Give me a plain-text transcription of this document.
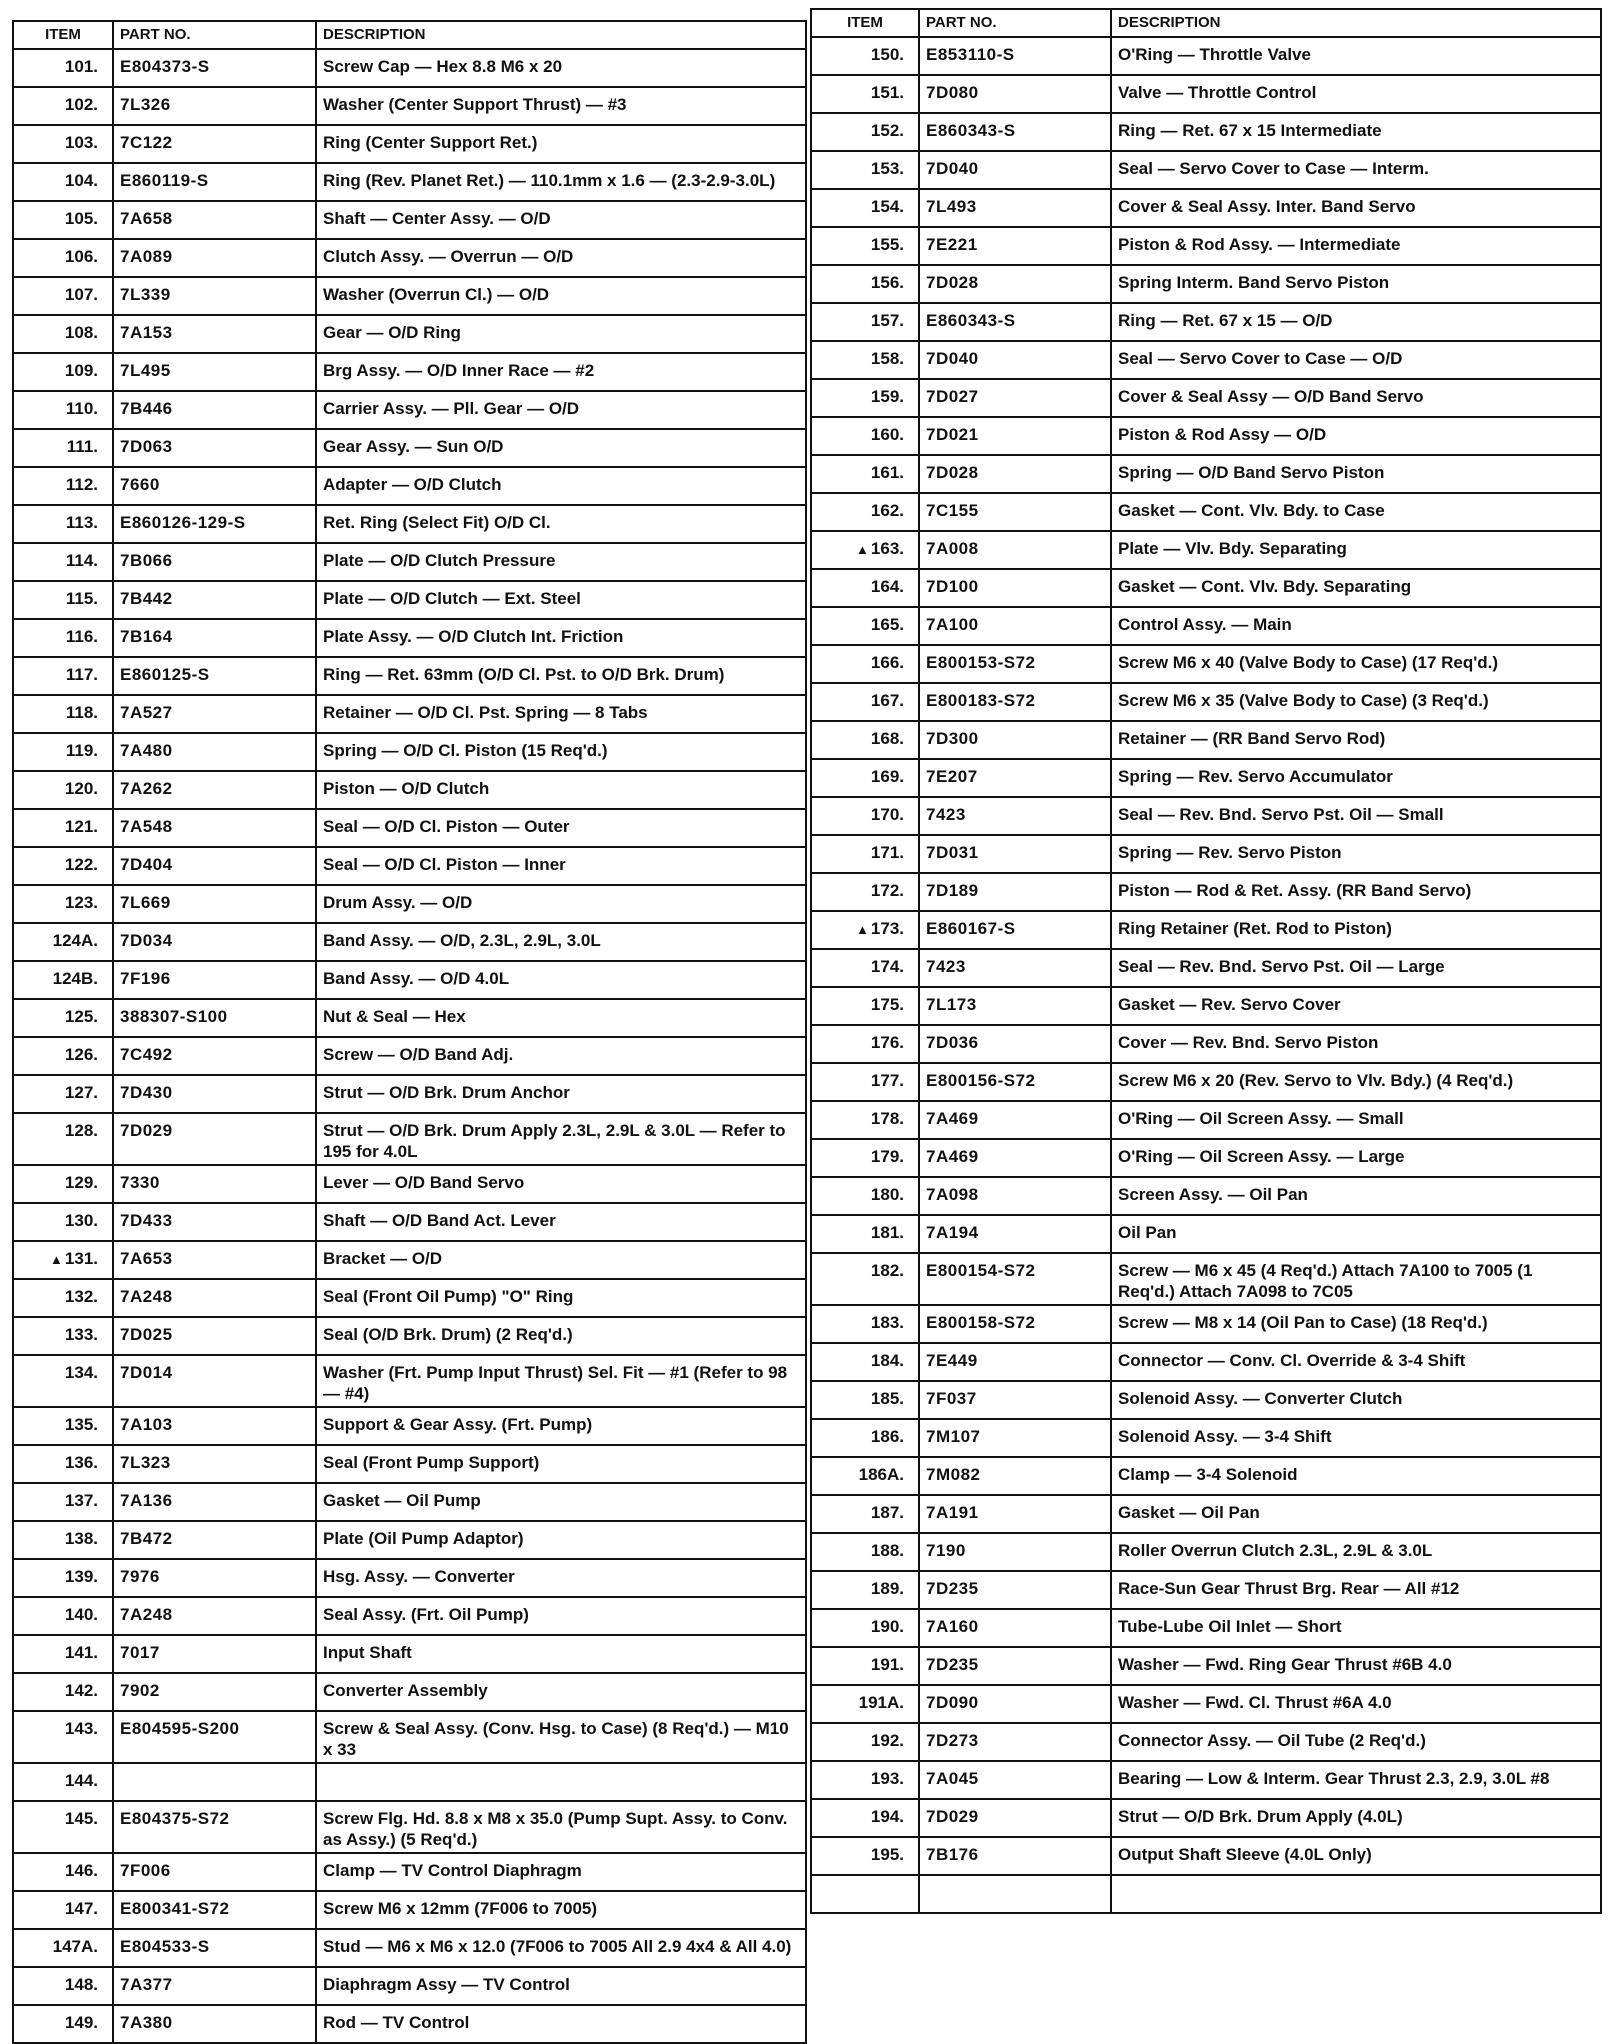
ITEM	PART NO.	DESCRIPTION
101.	E804373-S	Screw Cap — Hex 8.8 M6 x 20
102.	7L326	Washer (Center Support Thrust) — #3
103.	7C122	Ring (Center Support Ret.)
104.	E860119-S	Ring (Rev. Planet Ret.) — 110.1mm x 1.6 — (2.3-2.9-3.0L)
105.	7A658	Shaft — Center Assy. — O/D
106.	7A089	Clutch Assy. — Overrun — O/D
107.	7L339	Washer (Overrun Cl.) — O/D
108.	7A153	Gear — O/D Ring
109.	7L495	Brg Assy. — O/D Inner Race — #2
110.	7B446	Carrier Assy. — Pll. Gear — O/D
111.	7D063	Gear Assy. — Sun O/D
112.	7660	Adapter — O/D Clutch
113.	E860126-129-S	Ret. Ring (Select Fit) O/D Cl.
114.	7B066	Plate — O/D Clutch Pressure
115.	7B442	Plate — O/D Clutch — Ext. Steel
116.	7B164	Plate Assy. — O/D Clutch Int. Friction
117.	E860125-S	Ring — Ret. 63mm (O/D Cl. Pst. to O/D Brk. Drum)
118.	7A527	Retainer — O/D Cl. Pst. Spring — 8 Tabs
119.	7A480	Spring — O/D Cl. Piston (15 Req'd.)
120.	7A262	Piston — O/D Clutch
121.	7A548	Seal — O/D Cl. Piston — Outer
122.	7D404	Seal — O/D Cl. Piston — Inner
123.	7L669	Drum Assy. — O/D
124A.	7D034	Band Assy. — O/D, 2.3L, 2.9L, 3.0L
124B.	7F196	Band Assy. — O/D 4.0L
125.	388307-S100	Nut & Seal — Hex
126.	7C492	Screw — O/D Band Adj.
127.	7D430	Strut — O/D Brk. Drum Anchor
128.	7D029	Strut — O/D Brk. Drum Apply 2.3L, 2.9L & 3.0L — Refer to 195 for 4.0L
129.	7330	Lever — O/D Band Servo
130.	7D433	Shaft — O/D Band Act. Lever
▲ 131.	7A653	Bracket — O/D
132.	7A248	Seal (Front Oil Pump) "O" Ring
133.	7D025	Seal (O/D Brk. Drum) (2 Req'd.)
134.	7D014	Washer (Frt. Pump Input Thrust) Sel. Fit — #1 (Refer to 98 — #4)
135.	7A103	Support & Gear Assy. (Frt. Pump)
136.	7L323	Seal (Front Pump Support)
137.	7A136	Gasket — Oil Pump
138.	7B472	Plate (Oil Pump Adaptor)
139.	7976	Hsg. Assy. — Converter
140.	7A248	Seal Assy. (Frt. Oil Pump)
141.	7017	Input Shaft
142.	7902	Converter Assembly
143.	E804595-S200	Screw & Seal Assy. (Conv. Hsg. to Case) (8 Req'd.) — M10 x 33
144.		
145.	E804375-S72	Screw Flg. Hd. 8.8 x M8 x 35.0 (Pump Supt. Assy. to Conv. as Assy.) (5 Req'd.)
146.	7F006	Clamp — TV Control Diaphragm
147.	E800341-S72	Screw M6 x 12mm (7F006 to 7005)
147A.	E804533-S	Stud — M6 x M6 x 12.0 (7F006 to 7005 All 2.9 4x4 & All 4.0)
148.	7A377	Diaphragm Assy — TV Control
149.	7A380	Rod — TV Control
ITEM	PART NO.	DESCRIPTION
150.	E853110-S	O'Ring — Throttle Valve
151.	7D080	Valve — Throttle Control
152.	E860343-S	Ring — Ret. 67 x 15 Intermediate
153.	7D040	Seal — Servo Cover to Case — Interm.
154.	7L493	Cover & Seal Assy. Inter. Band Servo
155.	7E221	Piston & Rod Assy. — Intermediate
156.	7D028	Spring Interm. Band Servo Piston
157.	E860343-S	Ring — Ret. 67 x 15 — O/D
158.	7D040	Seal — Servo Cover to Case — O/D
159.	7D027	Cover & Seal Assy — O/D Band Servo
160.	7D021	Piston & Rod Assy — O/D
161.	7D028	Spring — O/D Band Servo Piston
162.	7C155	Gasket — Cont. Vlv. Bdy. to Case
▲ 163.	7A008	Plate — Vlv. Bdy. Separating
164.	7D100	Gasket — Cont. Vlv. Bdy. Separating
165.	7A100	Control Assy. — Main
166.	E800153-S72	Screw M6 x 40 (Valve Body to Case) (17 Req'd.)
167.	E800183-S72	Screw M6 x 35 (Valve Body to Case) (3 Req'd.)
168.	7D300	Retainer — (RR Band Servo Rod)
169.	7E207	Spring — Rev. Servo Accumulator
170.	7423	Seal — Rev. Bnd. Servo Pst. Oil — Small
171.	7D031	Spring — Rev. Servo Piston
172.	7D189	Piston — Rod & Ret. Assy. (RR Band Servo)
▲ 173.	E860167-S	Ring Retainer (Ret. Rod to Piston)
174.	7423	Seal — Rev. Bnd. Servo Pst. Oil — Large
175.	7L173	Gasket — Rev. Servo Cover
176.	7D036	Cover — Rev. Bnd. Servo Piston
177.	E800156-S72	Screw M6 x 20 (Rev. Servo to Vlv. Bdy.) (4 Req'd.)
178.	7A469	O'Ring — Oil Screen Assy. — Small
179.	7A469	O'Ring — Oil Screen Assy. — Large
180.	7A098	Screen Assy. — Oil Pan
181.	7A194	Oil Pan
182.	E800154-S72	Screw — M6 x 45 (4 Req'd.) Attach 7A100 to 7005 (1 Req'd.) Attach 7A098 to 7C05
183.	E800158-S72	Screw — M8 x 14 (Oil Pan to Case) (18 Req'd.)
184.	7E449	Connector — Conv. Cl. Override & 3-4 Shift
185.	7F037	Solenoid Assy. — Converter Clutch
186.	7M107	Solenoid Assy. — 3-4 Shift
186A.	7M082	Clamp — 3-4 Solenoid
187.	7A191	Gasket — Oil Pan
188.	7190	Roller Overrun Clutch 2.3L, 2.9L & 3.0L
189.	7D235	Race-Sun Gear Thrust Brg. Rear — All #12
190.	7A160	Tube-Lube Oil Inlet — Short
191.	7D235	Washer — Fwd. Ring Gear Thrust #6B 4.0
191A.	7D090	Washer — Fwd. Cl. Thrust #6A 4.0
192.	7D273	Connector Assy. — Oil Tube (2 Req'd.)
193.	7A045	Bearing — Low & Interm. Gear Thrust 2.3, 2.9, 3.0L #8
194.	7D029	Strut — O/D Brk. Drum Apply (4.0L)
195.	7B176	Output Shaft Sleeve (4.0L Only)
